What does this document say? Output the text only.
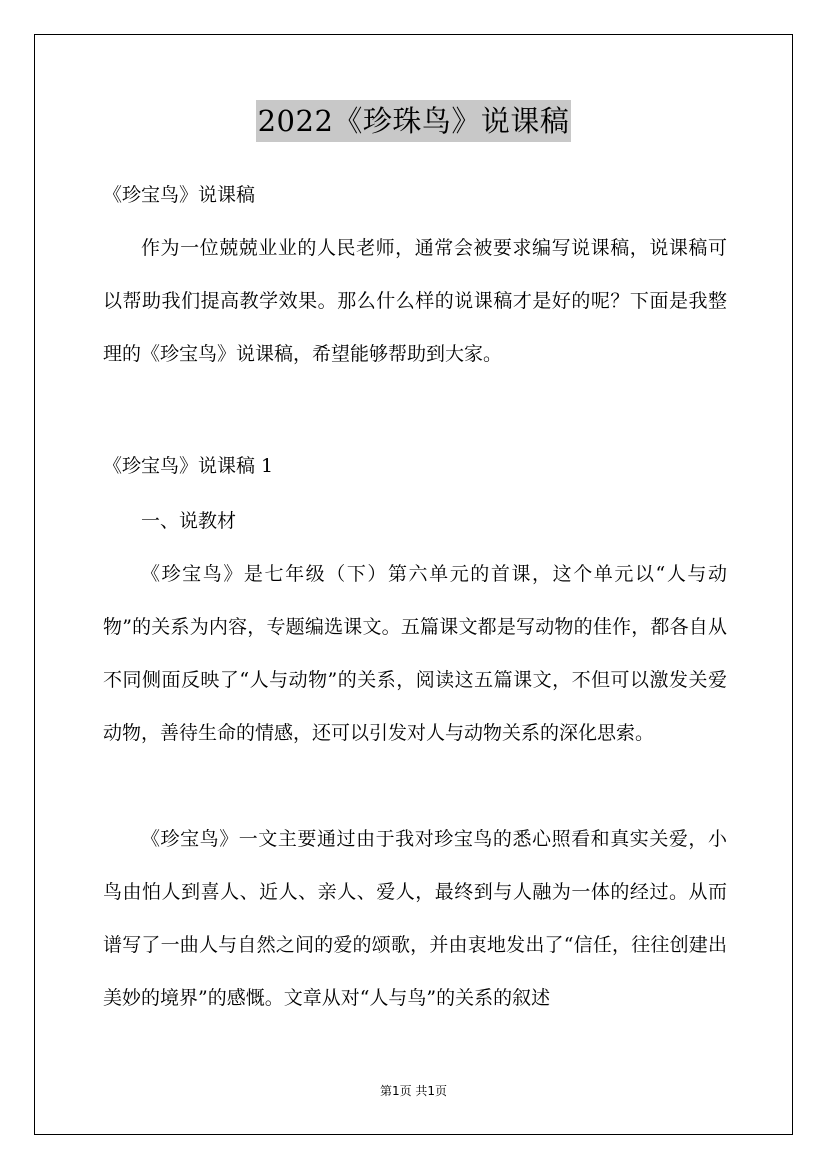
2022《珍珠鸟》说课稿
《珍宝鸟》说课稿
作为一位兢兢业业的人民老师，通常会被要求编写说课稿，说课稿可以帮助我们提高教学效果。那么什么样的说课稿才是好的呢？下面是我整理的《珍宝鸟》说课稿，希望能够帮助到大家。
《珍宝鸟》说课稿 1
一、说教材
《珍宝鸟》是七年级（下）第六单元的首课，这个单元以“人与动物”的关系为内容，专题编选课文。五篇课文都是写动物的佳作，都各自从不同侧面反映了“人与动物”的关系，阅读这五篇课文，不但可以激发关爱动物，善待生命的情感，还可以引发对人与动物关系的深化思索。
《珍宝鸟》一文主要通过由于我对珍宝鸟的悉心照看和真实关爱，小鸟由怕人到喜人、近人、亲人、爱人，最终到与人融为一体的经过。从而谱写了一曲人与自然之间的爱的颂歌，并由衷地发出了“信任，往往创建出美妙的境界”的感慨。文章从对“人与鸟”的关系的叙述
第1页 共1页
